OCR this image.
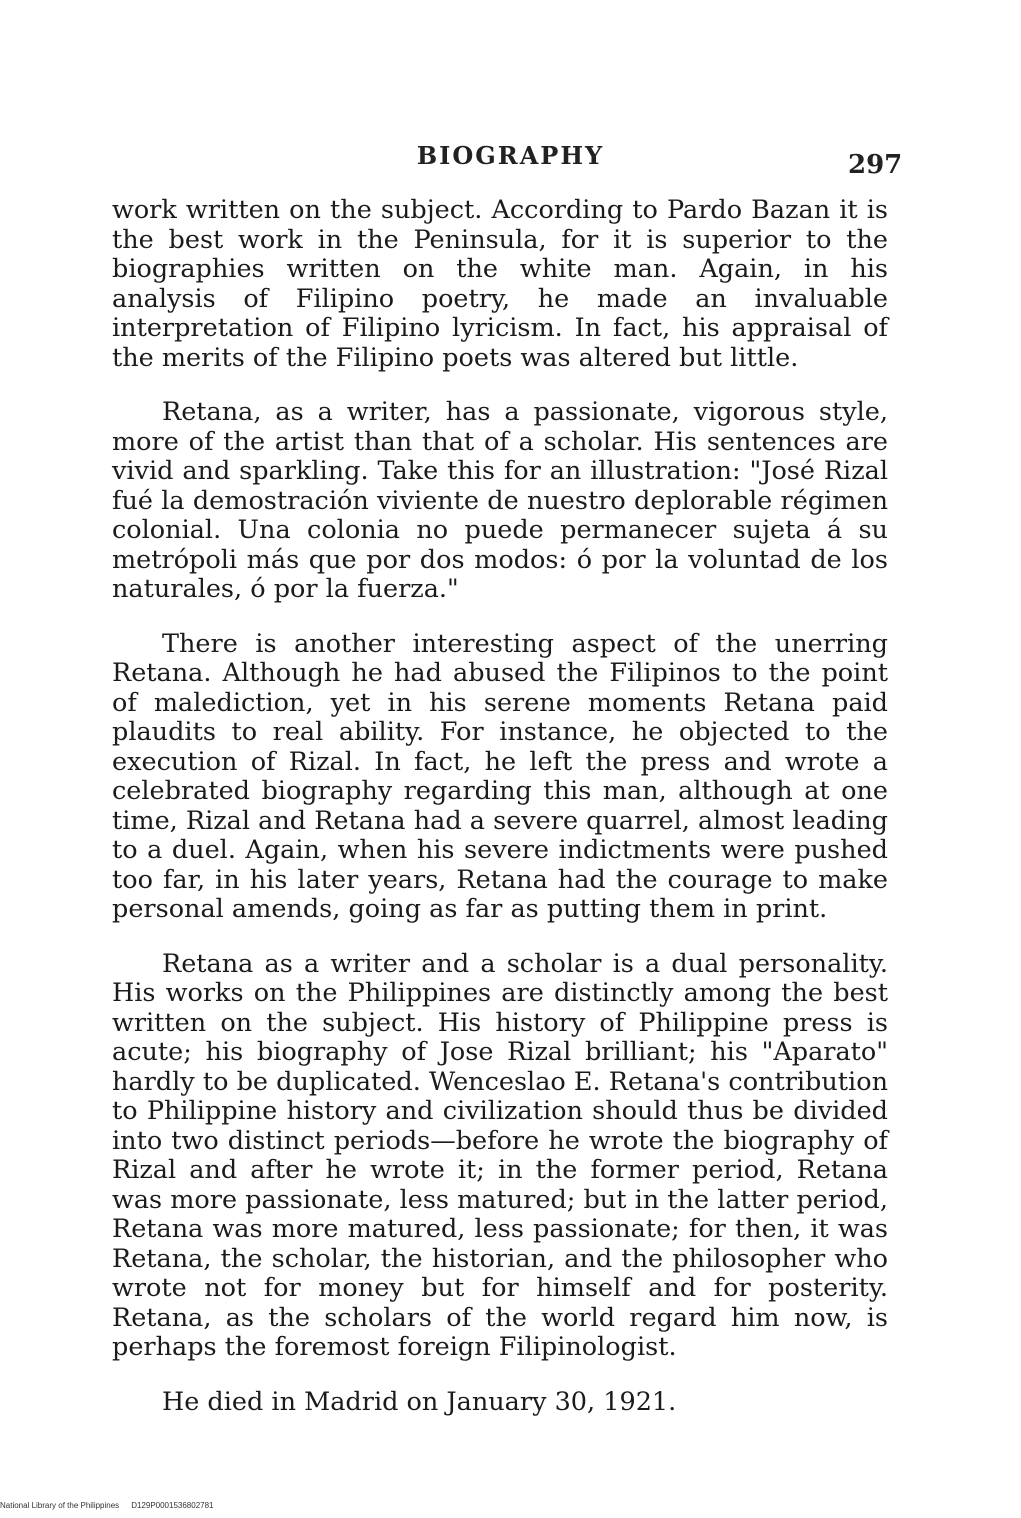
BIOGRAPHY	297

work written on the subject. According to Pardo Bazan it is the best work in the Peninsula, for it is superior to the biographies written on the white man. Again, in his analysis of Filipino poetry, he made an invaluable interpretation of Filipino lyricism. In fact, his appraisal of the merits of the Filipino poets was altered but little.

Retana, as a writer, has a passionate, vigorous style, more of the artist than that of a scholar. His sentences are vivid and sparkling. Take this for an illustration: "José Rizal fué la demostración viviente de nuestro deplorable régimen colonial. Una colonia no puede permanecer sujeta á su metrópoli más que por dos modos: ó por la voluntad de los naturales, ó por la fuerza."

There is another interesting aspect of the unerring Retana. Although he had abused the Filipinos to the point of malediction, yet in his serene moments Retana paid plaudits to real ability. For instance, he objected to the execution of Rizal. In fact, he left the press and wrote a celebrated biography regarding this man, although at one time, Rizal and Retana had a severe quarrel, almost leading to a duel. Again, when his severe indictments were pushed too far, in his later years, Retana had the courage to make personal amends, going as far as putting them in print.

Retana as a writer and a scholar is a dual personality. His works on the Philippines are distinctly among the best written on the subject. His history of Philippine press is acute; his biography of Jose Rizal brilliant; his "Aparato" hardly to be duplicated. Wenceslao E. Retana's contribution to Philippine history and civilization should thus be divided into two distinct periods—before he wrote the biography of Rizal and after he wrote it; in the former period, Retana was more passionate, less matured; but in the latter period, Retana was more matured, less passionate; for then, it was Retana, the scholar, the historian, and the philosopher who wrote not for money but for himself and for posterity. Retana, as the scholars of the world regard him now, is perhaps the foremost foreign Filipinologist.

He died in Madrid on January 30, 1921.

National Library of the Philippines D129P0001536802781
